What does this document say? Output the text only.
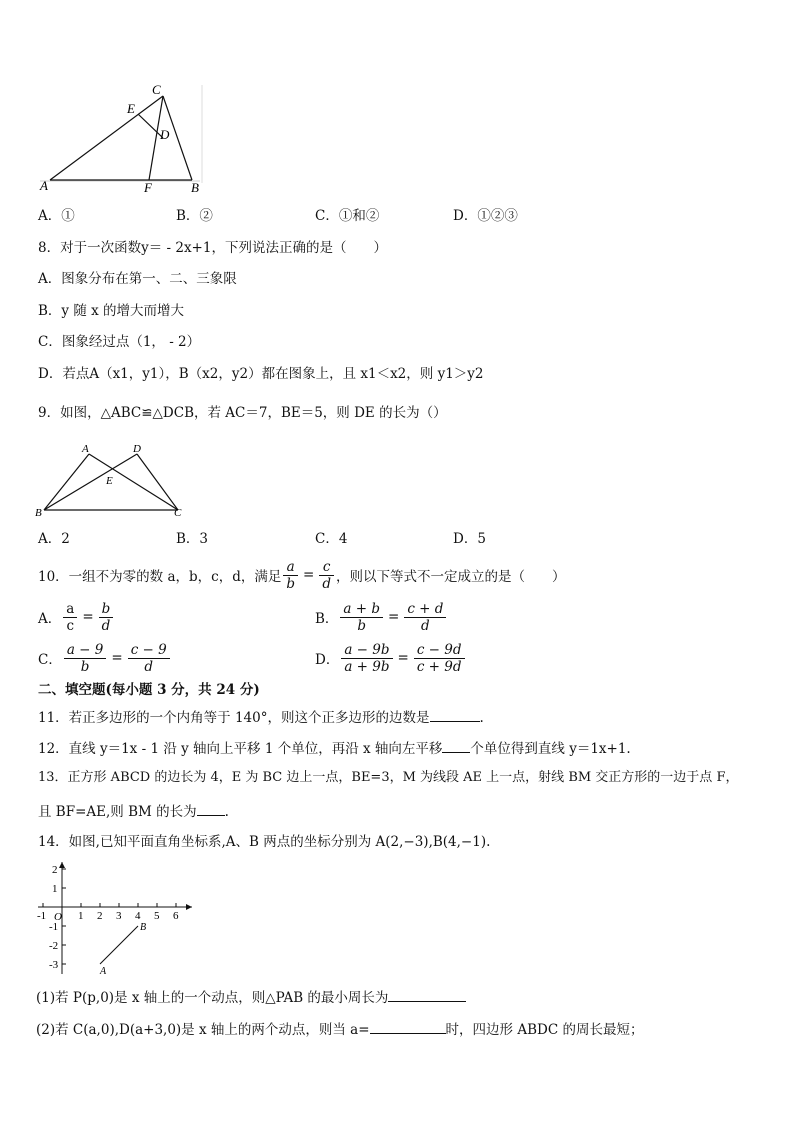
C
E
D
A	F	B
A．①	B．②	C．①和②	D．①②③
8．对于一次函数y＝ - 2x+1，下列说法正确的是（　　）
A．图象分布在第一、二、三象限
B．y 随 x 的增大而增大
C．图象经过点（1， - 2）
D．若点A（x1，y1），B（x2，y2）都在图象上，且 x1＜x2，则 y1＞y2
9．如图，△ABC≌△DCB，若 AC＝7，BE＝5，则 DE 的长为（）
A	D
E
B	C
A．2	B．3	C．4	D．5
10．一组不为零的数 a，b，c，d，满足 $\frac{a}{b} = \frac{c}{d}$ ，则以下等式不一定成立的是（　　）
A． $\frac{a}{c} = \frac{b}{d}$	B． $\frac{a + b}{b} = \frac{c + d}{d}$
C． $\frac{a - 9}{b} = \frac{c - 9}{d}$	D． $\frac{a - 9b}{a + 9b} = \frac{c - 9d}{c + 9d}$
二、填空题(每小题 3 分，共 24 分)
11．若正多边形的一个内角等于 140°，则这个正多边形的边数是	.
12．直线 y＝1x - 1 沿 y 轴向上平移 1 个单位，再沿 x 轴向左平移 个单位得到直线 y＝1x+1.
13．正方形 ABCD 的边长为 4，E 为 BC 边上一点，BE=3，M 为线段 AE 上一点，射线 BM 交正方形的一边于点 F，
且 BF=AE,则 BM 的长为 .
14．如图,已知平面直角坐标系,A、B 两点的坐标分别为 A(2,−3),B(4,−1).
-1 O 1 2 3 4 5 6
2
1
-1
-2
-3
A
B
(1)若 P(p,0)是 x 轴上的一个动点，则△PAB 的最小周长为
(2)若 C(a,0),D(a+3,0)是 x 轴上的两个动点，则当 a=	时，四边形 ABDC 的周长最短；
